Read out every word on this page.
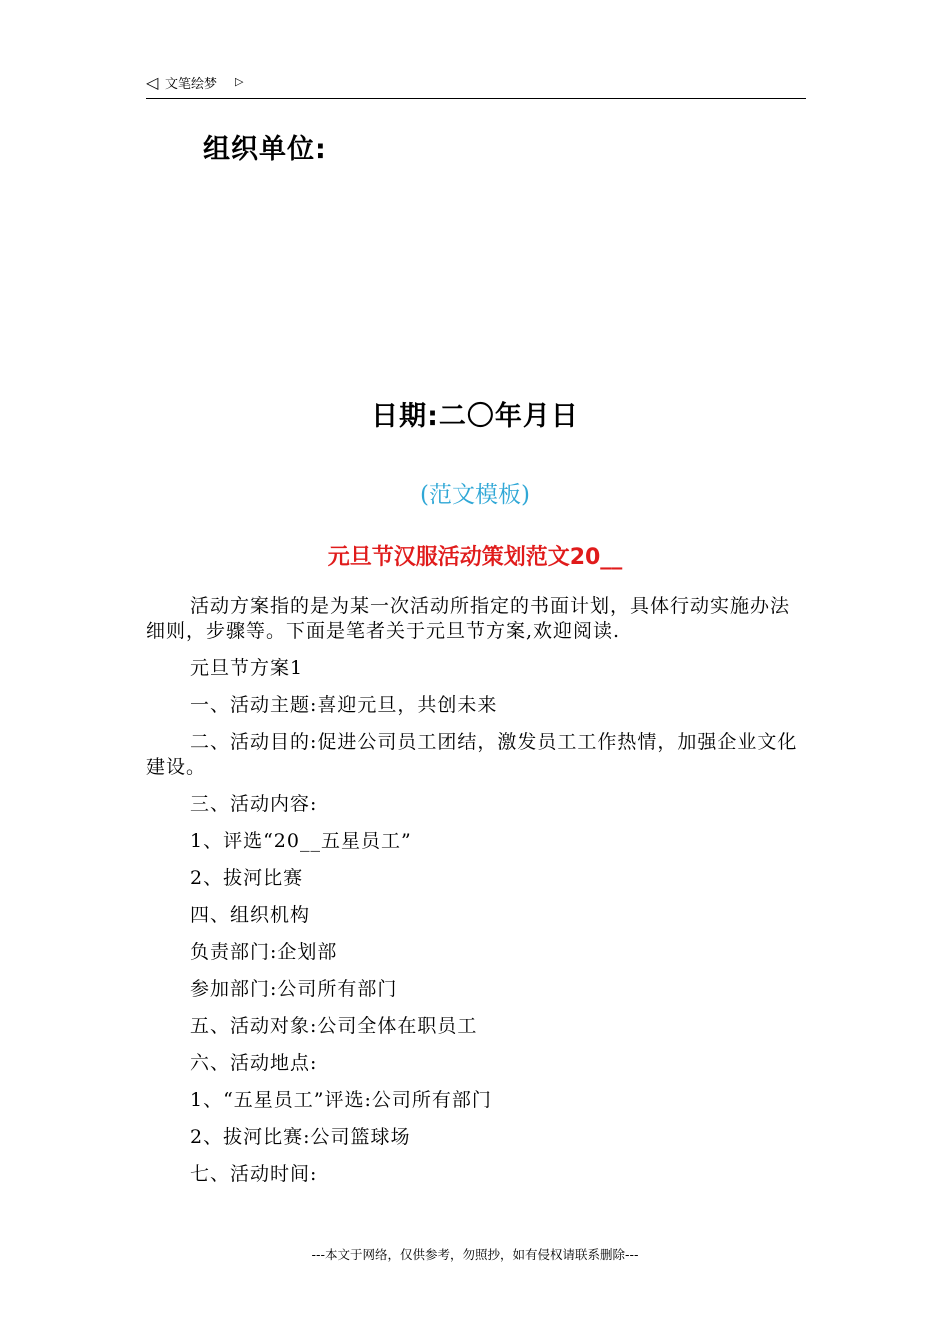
◁ 文笔绘梦 ▷
组织单位:
日期:二〇年月日
(范文模板)
元旦节汉服活动策划范文20__

活动方案指的是为某一次活动所指定的书面计划，具体行动实施办法细则，步骤等。下面是笔者关于元旦节方案,欢迎阅读.

元旦节方案1

一、活动主题:喜迎元旦，共创未来

二、活动目的:促进公司员工团结，激发员工工作热情，加强企业文化建设。

三、活动内容:

1、评选“20__五星员工”

2、拔河比赛

四、组织机构

负责部门:企划部

参加部门:公司所有部门

五、活动对象:公司全体在职员工

六、活动地点:

1、“五星员工”评选:公司所有部门

2、拔河比赛:公司篮球场

七、活动时间:

---本文于网络，仅供参考，勿照抄，如有侵权请联系删除---
